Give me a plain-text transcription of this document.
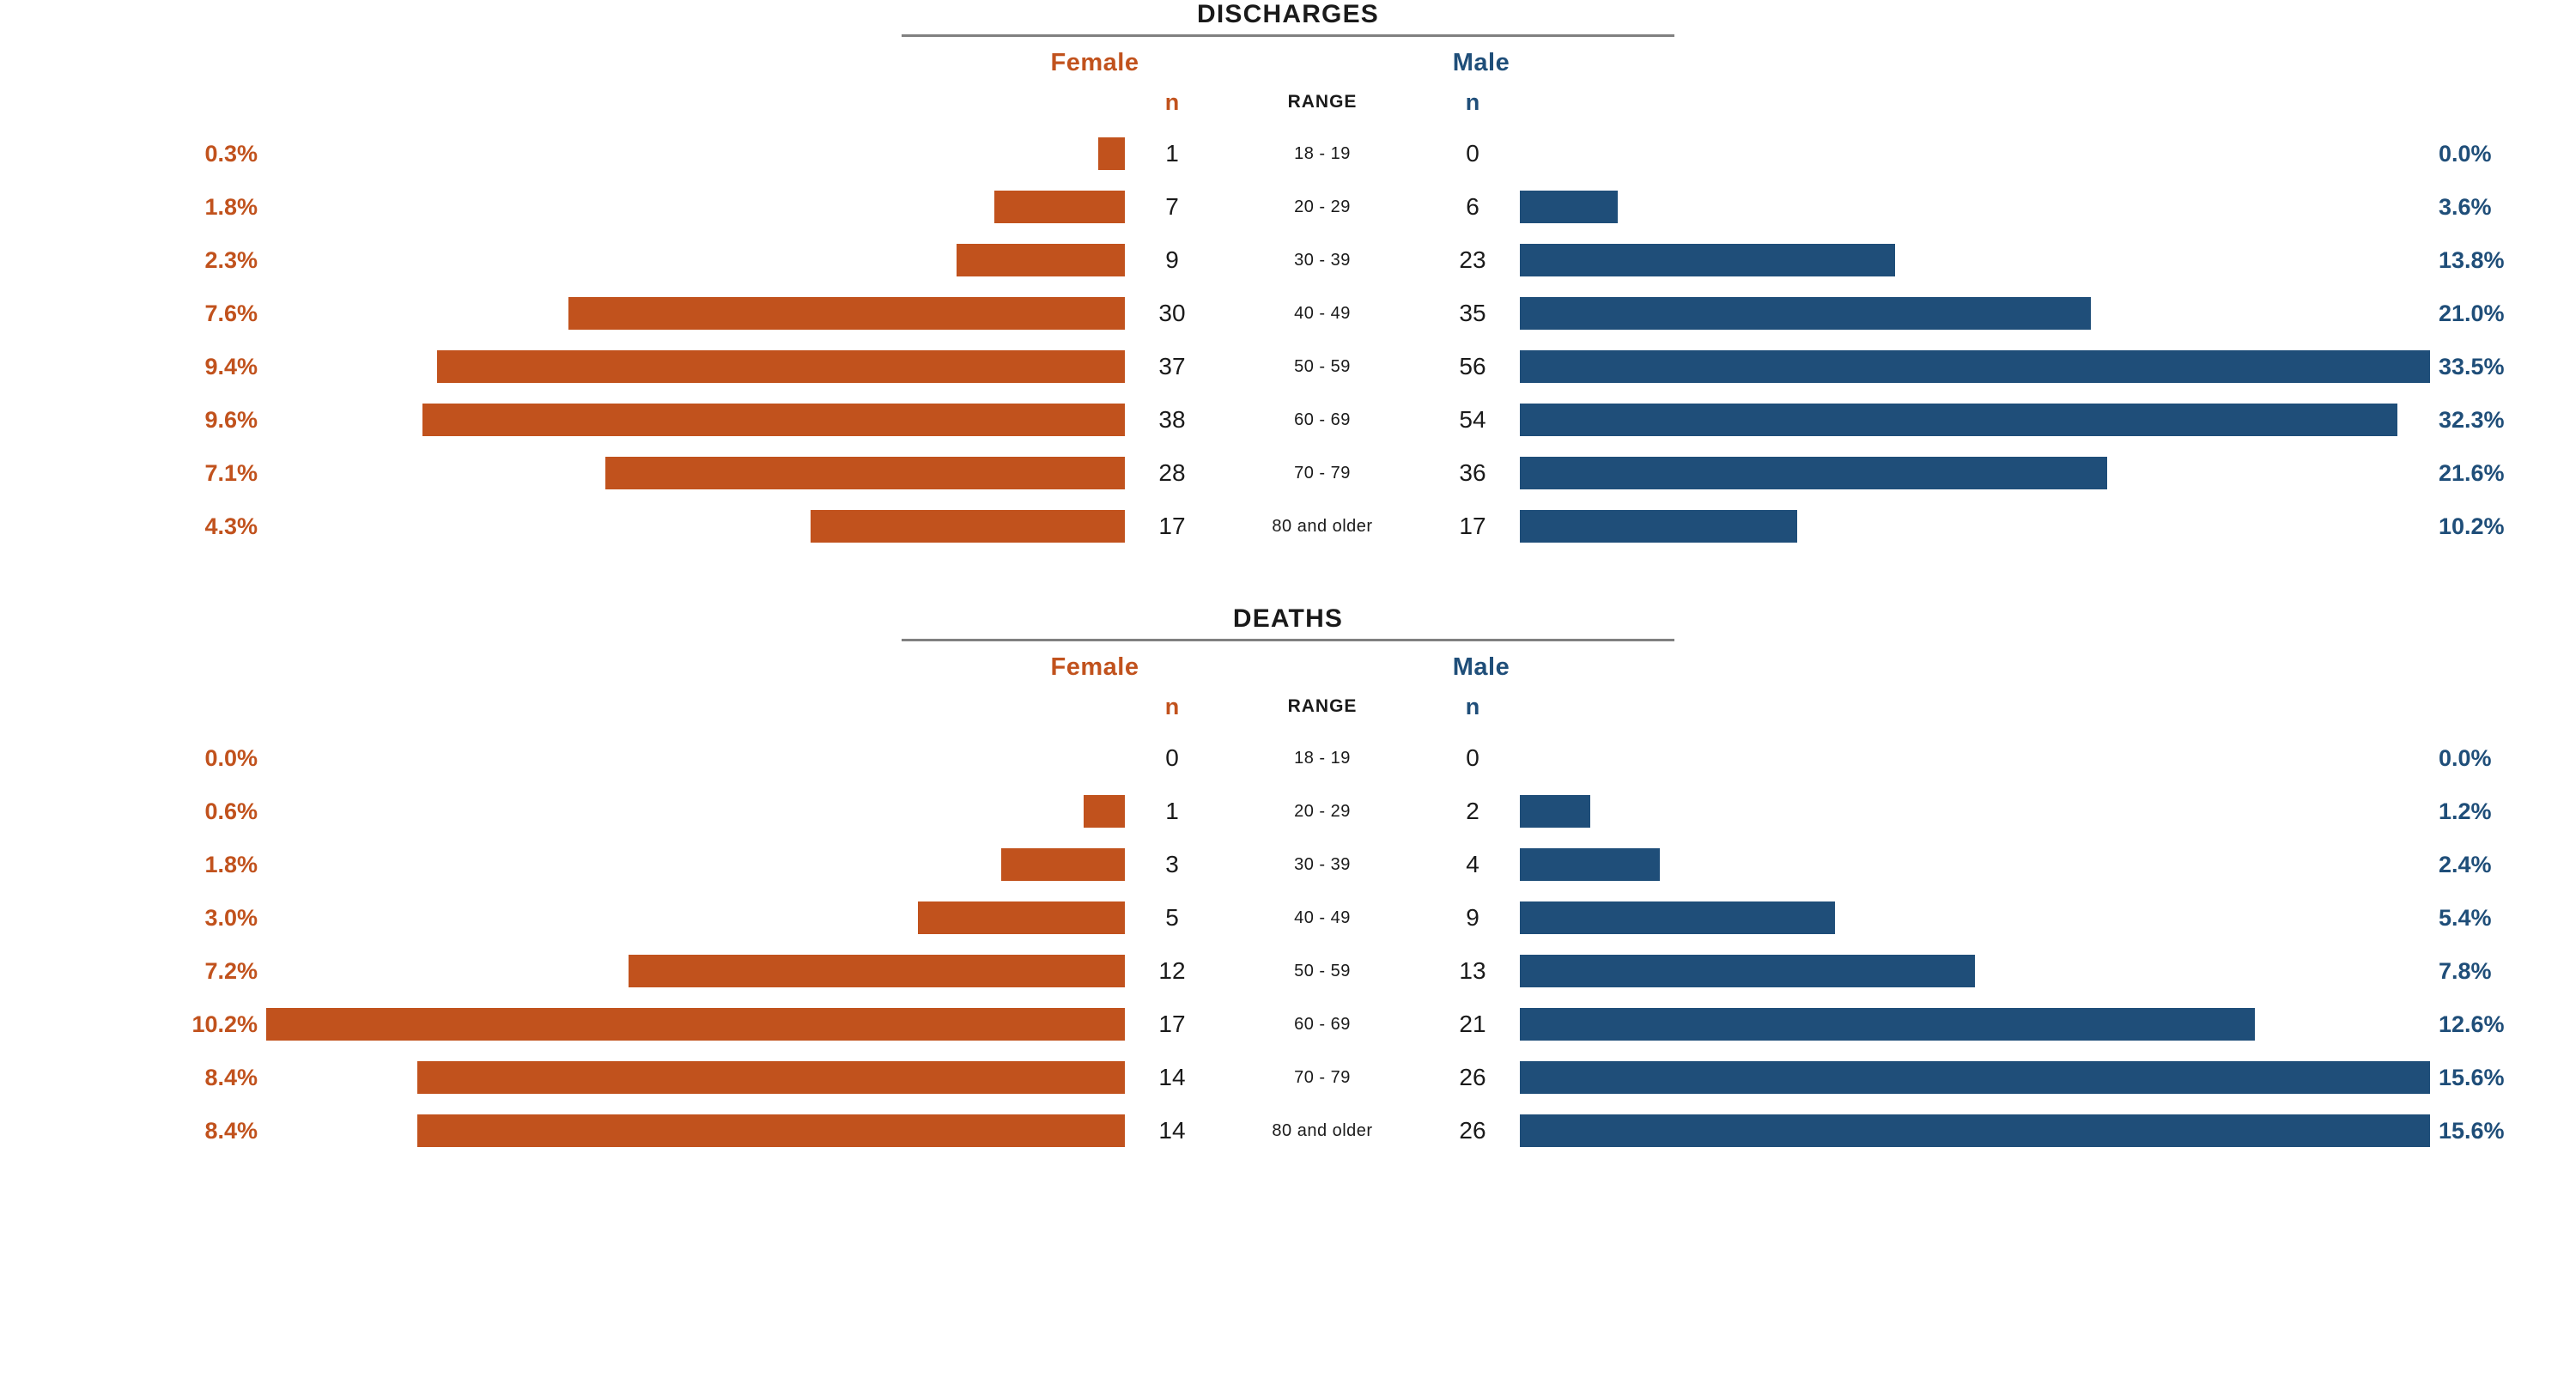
DISCHARGES
Female	Male
n	RANGE	n
0.3%	1	18 - 19	0	0.0%
1.8%	7	20 - 29	6	3.6%
2.3%	9	30 - 39	23	13.8%
7.6%	30	40 - 49	35	21.0%
9.4%	37	50 - 59	56	33.5%
9.6%	38	60 - 69	54	32.3%
7.1%	28	70 - 79	36	21.6%
4.3%	17	80 and older	17	10.2%
DEATHS
Female	Male
n	RANGE	n
0.0%	0	18 - 19	0	0.0%
0.6%	1	20 - 29	2	1.2%
1.8%	3	30 - 39	4	2.4%
3.0%	5	40 - 49	9	5.4%
7.2%	12	50 - 59	13	7.8%
10.2%	17	60 - 69	21	12.6%
8.4%	14	70 - 79	26	15.6%
8.4%	14	80 and older	26	15.6%
